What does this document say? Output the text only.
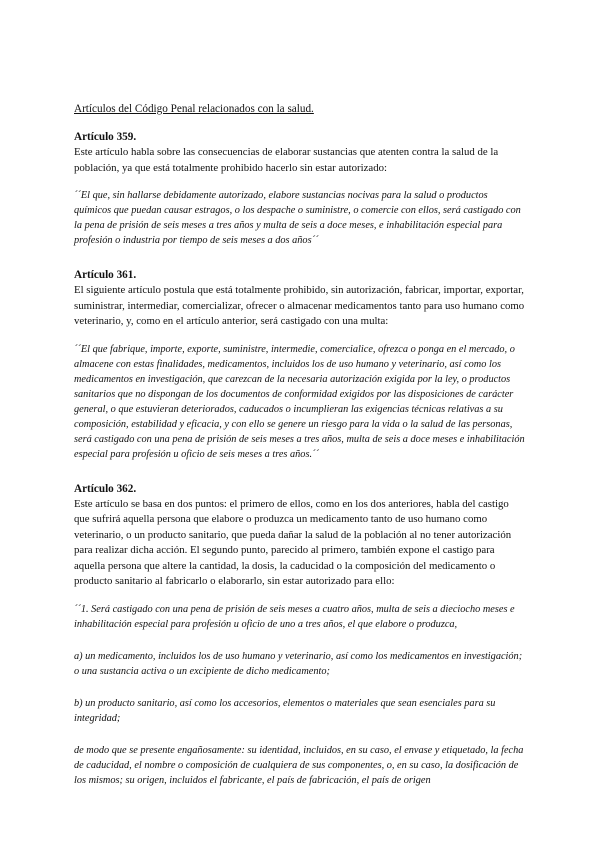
Artículos del Código Penal relacionados con la salud.

Artículo 359.

Este artículo habla sobre las consecuencias de elaborar sustancias que atenten contra la salud de la población, ya que está totalmente prohibido hacerlo sin estar autorizado:

´´El que, sin hallarse debidamente autorizado, elabore sustancias nocivas para la salud o productos químicos que puedan causar estragos, o los despache o suministre, o comercie con ellos, será castigado con la pena de prisión de seis meses a tres años y multa de seis a doce meses, e inhabilitación especial para profesión o industria por tiempo de seis meses a dos años´´

Artículo 361.

El siguiente artículo postula que está totalmente prohibido, sin autorización, fabricar, importar, exportar, suministrar, intermediar, comercializar, ofrecer o almacenar medicamentos tanto para uso humano como veterinario, y, como en el artículo anterior, será castigado con una multa:

´´El que fabrique, importe, exporte, suministre, intermedie, comercialice, ofrezca o ponga en el mercado, o almacene con estas finalidades, medicamentos, incluidos los de uso humano y veterinario, así como los medicamentos en investigación, que carezcan de la necesaria autorización exigida por la ley, o productos sanitarios que no dispongan de los documentos de conformidad exigidos por las disposiciones de carácter general, o que estuvieran deteriorados, caducados o incumplieran las exigencias técnicas relativas a su composición, estabilidad y eficacia, y con ello se genere un riesgo para la vida o la salud de las personas, será castigado con una pena de prisión de seis meses a tres años, multa de seis a doce meses e inhabilitación especial para profesión u oficio de seis meses a tres años.´´

Artículo 362.

Este artículo se basa en dos puntos: el primero de ellos, como en los dos anteriores, habla del castigo que sufrirá aquella persona que elabore o produzca un medicamento tanto de uso humano como veterinario, o un producto sanitario, que pueda dañar la salud de la población al no tener autorización para realizar dicha acción. El segundo punto, parecido al primero, también expone el castigo para aquella persona que altere la cantidad, la dosis, la caducidad o la composición del medicamento o producto sanitario al fabricarlo o elaborarlo, sin estar autorizado para ello:

´´1. Será castigado con una pena de prisión de seis meses a cuatro años, multa de seis a dieciocho meses e inhabilitación especial para profesión u oficio de uno a tres años, el que elabore o produzca,

a) un medicamento, incluidos los de uso humano y veterinario, así como los medicamentos en investigación; o una sustancia activa o un excipiente de dicho medicamento;

b) un producto sanitario, así como los accesorios, elementos o materiales que sean esenciales para su integridad;

de modo que se presente engañosamente: su identidad, incluidos, en su caso, el envase y etiquetado, la fecha de caducidad, el nombre o composición de cualquiera de sus componentes, o, en su caso, la dosificación de los mismos; su origen, incluidos el fabricante, el país de fabricación, el país de origen
